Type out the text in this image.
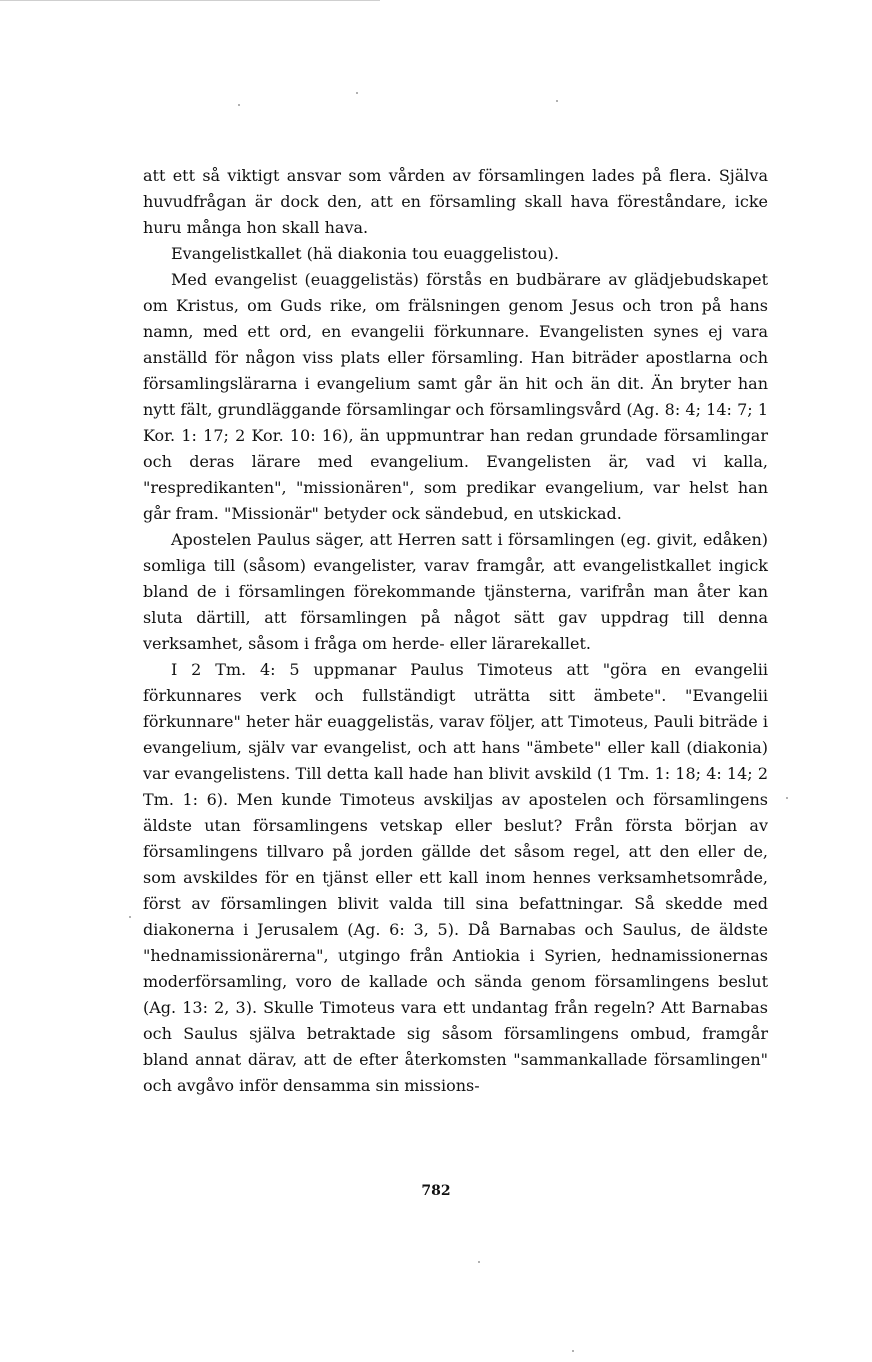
att ett så viktigt ansvar som vården av församlingen lades på flera. Själva huvudfrågan är dock den, att en församling skall hava föreståndare, icke huru många hon skall hava.

Evangelistkallet (hä diakonia tou euaggelistou).

Med evangelist (euaggelistäs) förstås en budbärare av glädjebudskapet om Kristus, om Guds rike, om frälsningen genom Jesus och tron på hans namn, med ett ord, en evangelii förkunnare. Evangelisten synes ej vara anställd för någon viss plats eller församling. Han biträder apostlarna och församlingslärarna i evangelium samt går än hit och än dit. Än bryter han nytt fält, grundläggande församlingar och församlingsvård (Ag. 8: 4; 14: 7; 1 Kor. 1: 17; 2 Kor. 10: 16), än uppmuntrar han redan grundade församlingar och deras lärare med evangelium. Evangelisten är, vad vi kalla, "respredikanten", "missionären", som predikar evangelium, var helst han går fram. "Missionär" betyder ock sändebud, en utskickad.

Apostelen Paulus säger, att Herren satt i församlingen (eg. givit, edåken) somliga till (såsom) evangelister, varav framgår, att evangelistkallet ingick bland de i församlingen förekommande tjänsterna, varifrån man åter kan sluta därtill, att församlingen på något sätt gav uppdrag till denna verksamhet, såsom i fråga om herde- eller lärarekallet.

I 2 Tm. 4: 5 uppmanar Paulus Timoteus att "göra en evangelii förkunnares verk och fullständigt uträtta sitt ämbete". "Evangelii förkunnare" heter här euaggelistäs, varav följer, att Timoteus, Pauli biträde i evangelium, själv var evangelist, och att hans "ämbete" eller kall (diakonia) var evangelistens. Till detta kall hade han blivit avskild (1 Tm. 1: 18; 4: 14; 2 Tm. 1: 6). Men kunde Timoteus avskiljas av apostelen och församlingens äldste utan församlingens vetskap eller beslut? Från första början av församlingens tillvaro på jorden gällde det såsom regel, att den eller de, som avskildes för en tjänst eller ett kall inom hennes verksamhetsområde, först av församlingen blivit valda till sina befattningar. Så skedde med diakonerna i Jerusalem (Ag. 6: 3, 5). Då Barnabas och Saulus, de äldste "hednamissionärerna", utgingo från Antiokia i Syrien, hednamissionernas moderförsamling, voro de kallade och sända genom församlingens beslut (Ag. 13: 2, 3). Skulle Timoteus vara ett undantag från regeln? Att Barnabas och Saulus själva betraktade sig såsom församlingens ombud, framgår bland annat därav, att de efter återkomsten "sammankallade församlingen" och avgåvo inför densamma sin missions-

782
